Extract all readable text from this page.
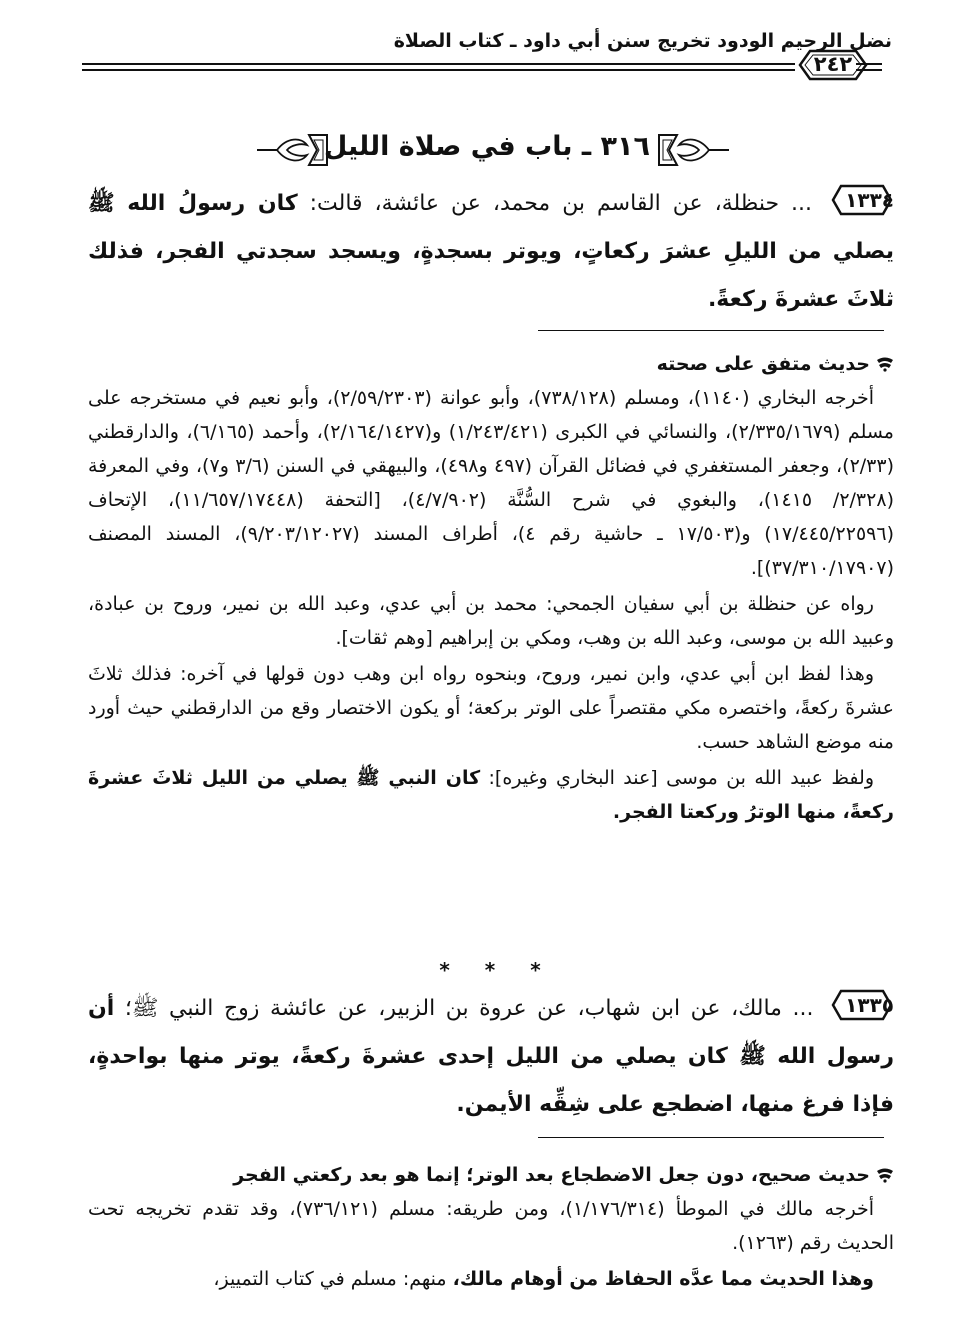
نضل الرحيم الودود تخريج سنن أبي داود ـ كتاب الصلاة
٢٤٢
٣١٦ ـ باب في صلاة الليل

١٣٣٤
... حنظلة، عن القاسم بن محمد، عن عائشة، قالت: كان رسولُ الله ﷺ يصلي من الليلِ عشرَ ركعاتٍ، ويوتر بسجدةٍ، ويسجد سجدتي الفجر، فذلك ثلاثَ عشرةَ ركعةً.

حديث متفق على صحته
أخرجه البخاري (١١٤٠)، ومسلم (٧٣٨/١٢٨)، وأبو عوانة (٢/٥٩/٢٣٠٣)، وأبو نعيم في مستخرجه على مسلم (٢/٣٣٥/١٦٧٩)، والنسائي في الكبرى (١/٢٤٣/٤٢١) و(٢/١٦٤/١٤٢٧)، وأحمد (٦/١٦٥)، والدارقطني (٢/٣٣)، وجعفر المستغفري في فضائل القرآن (٤٩٧ و٤٩٨)، والبيهقي في السنن (٣/٦ و٧)، وفي المعرفة (٢/٣٢٨/ ١٤١٥)، والبغوي في شرح السُّنَّة (٤/٧/٩٠٢)، [التحفة (١١/٦٥٧/١٧٤٤٨)، الإتحاف (١٧/٤٤٥/٢٢٥٩٦) و(١٧/٥٠٣ ـ حاشية رقم ٤)، أطراف المسند (٩/٢٠٣/١٢٠٢٧)، المسند المصنف (٣٧/٣١٠/١٧٩٠٧)].
رواه عن حنظلة بن أبي سفيان الجمحي: محمد بن أبي عدي، وعبد الله بن نمير، وروح بن عبادة، وعبيد الله بن موسى، وعبد الله بن وهب، ومكي بن إبراهيم [وهم ثقات].
وهذا لفظ ابن أبي عدي، وابن نمير، وروح، وبنحوه رواه ابن وهب دون قولها في آخره: فذلك ثلاثَ عشرةَ ركعةً، واختصره مكي مقتصراً على الوتر بركعة؛ أو يكون الاختصار وقع من الدارقطني حيث أورد منه موضع الشاهد حسب.
ولفظ عبيد الله بن موسى [عند البخاري وغيره]: كان النبي ﷺ يصلي من الليل ثلاثَ عشرةَ ركعةً، منها الوترُ وركعتا الفجر.
* * *

١٣٣٥
... مالك، عن ابن شهاب، عن عروة بن الزبير، عن عائشة زوج النبي ﷺ؛ أن رسول الله ﷺ كان يصلي من الليل إحدى عشرةَ ركعةً، يوتر منها بواحدةٍ، فإذا فرغ منها، اضطجع على شِقِّه الأيمن.

حديث صحيح، دون جعل الاضطجاع بعد الوتر؛ إنما هو بعد ركعتي الفجر
أخرجه مالك في الموطأ (١/١٧٦/٣١٤)، ومن طريقه: مسلم (٧٣٦/١٢١)، وقد تقدم تخريجه تحت الحديث رقم (١٢٦٣).
وهذا الحديث مما عدَّه الحفاظ من أوهام مالك، منهم: مسلم في كتاب التمييز،
